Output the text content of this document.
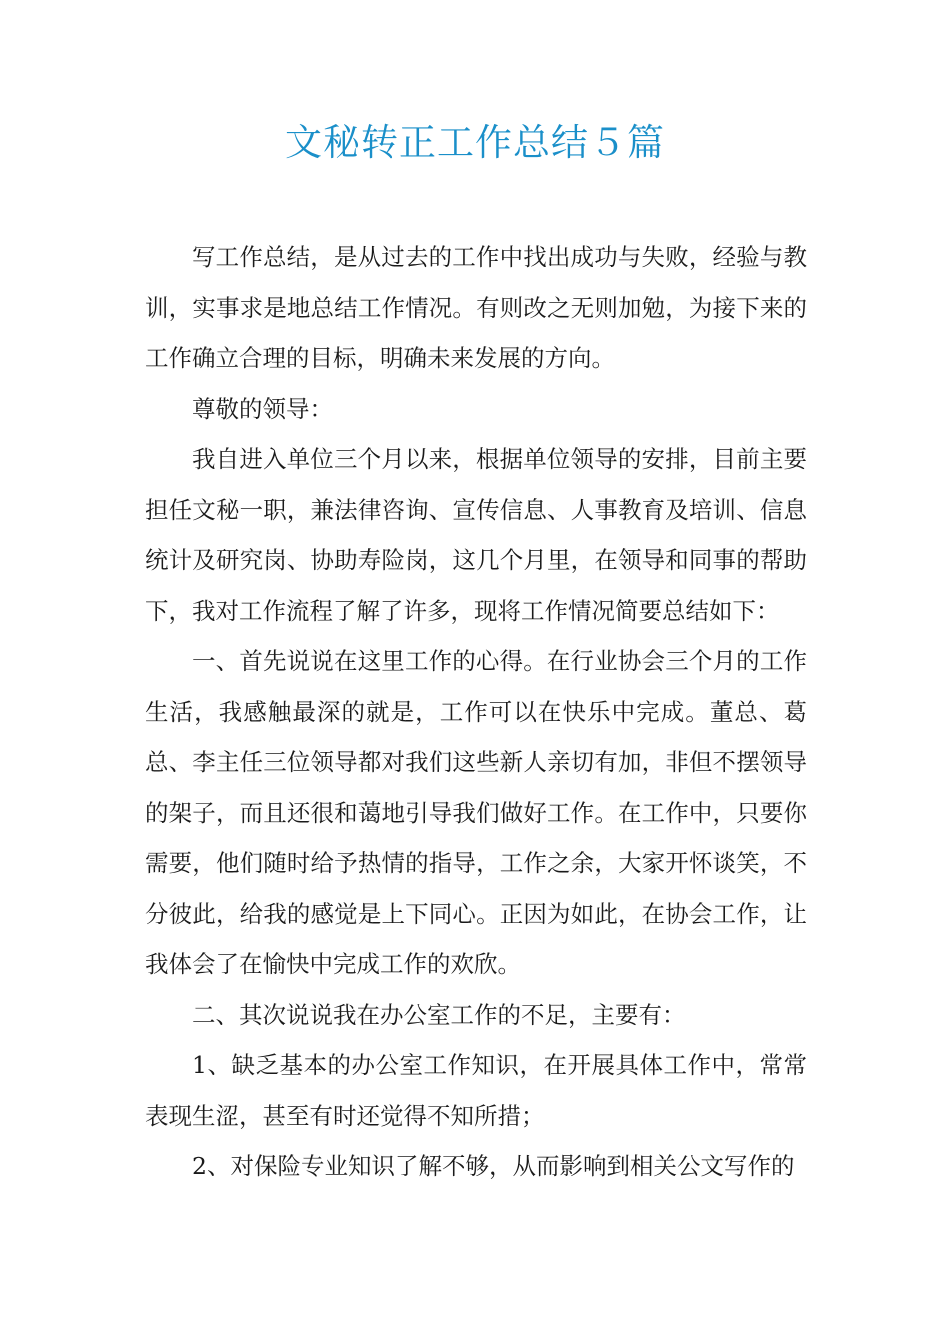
文秘转正工作总结５篇

写工作总结，是从过去的工作中找出成功与失败，经验与教训，实事求是地总结工作情况。有则改之无则加勉，为接下来的工作确立合理的目标，明确未来发展的方向。

尊敬的领导：

我自进入单位三个月以来，根据单位领导的安排，目前主要担任文秘一职，兼法律咨询、宣传信息、人事教育及培训、信息统计及研究岗、协助寿险岗，这几个月里，在领导和同事的帮助下，我对工作流程了解了许多，现将工作情况简要总结如下：

一、首先说说在这里工作的心得。在行业协会三个月的工作生活，我感触最深的就是，工作可以在快乐中完成。董总、葛总、李主任三位领导都对我们这些新人亲切有加，非但不摆领导的架子，而且还很和蔼地引导我们做好工作。在工作中，只要你需要，他们随时给予热情的指导，工作之余，大家开怀谈笑，不分彼此，给我的感觉是上下同心。正因为如此，在协会工作，让我体会了在愉快中完成工作的欢欣。

二、其次说说我在办公室工作的不足，主要有：

1、缺乏基本的办公室工作知识，在开展具体工作中，常常表现生涩，甚至有时还觉得不知所措；

2、对保险专业知识了解不够，从而影响到相关公文写作的
